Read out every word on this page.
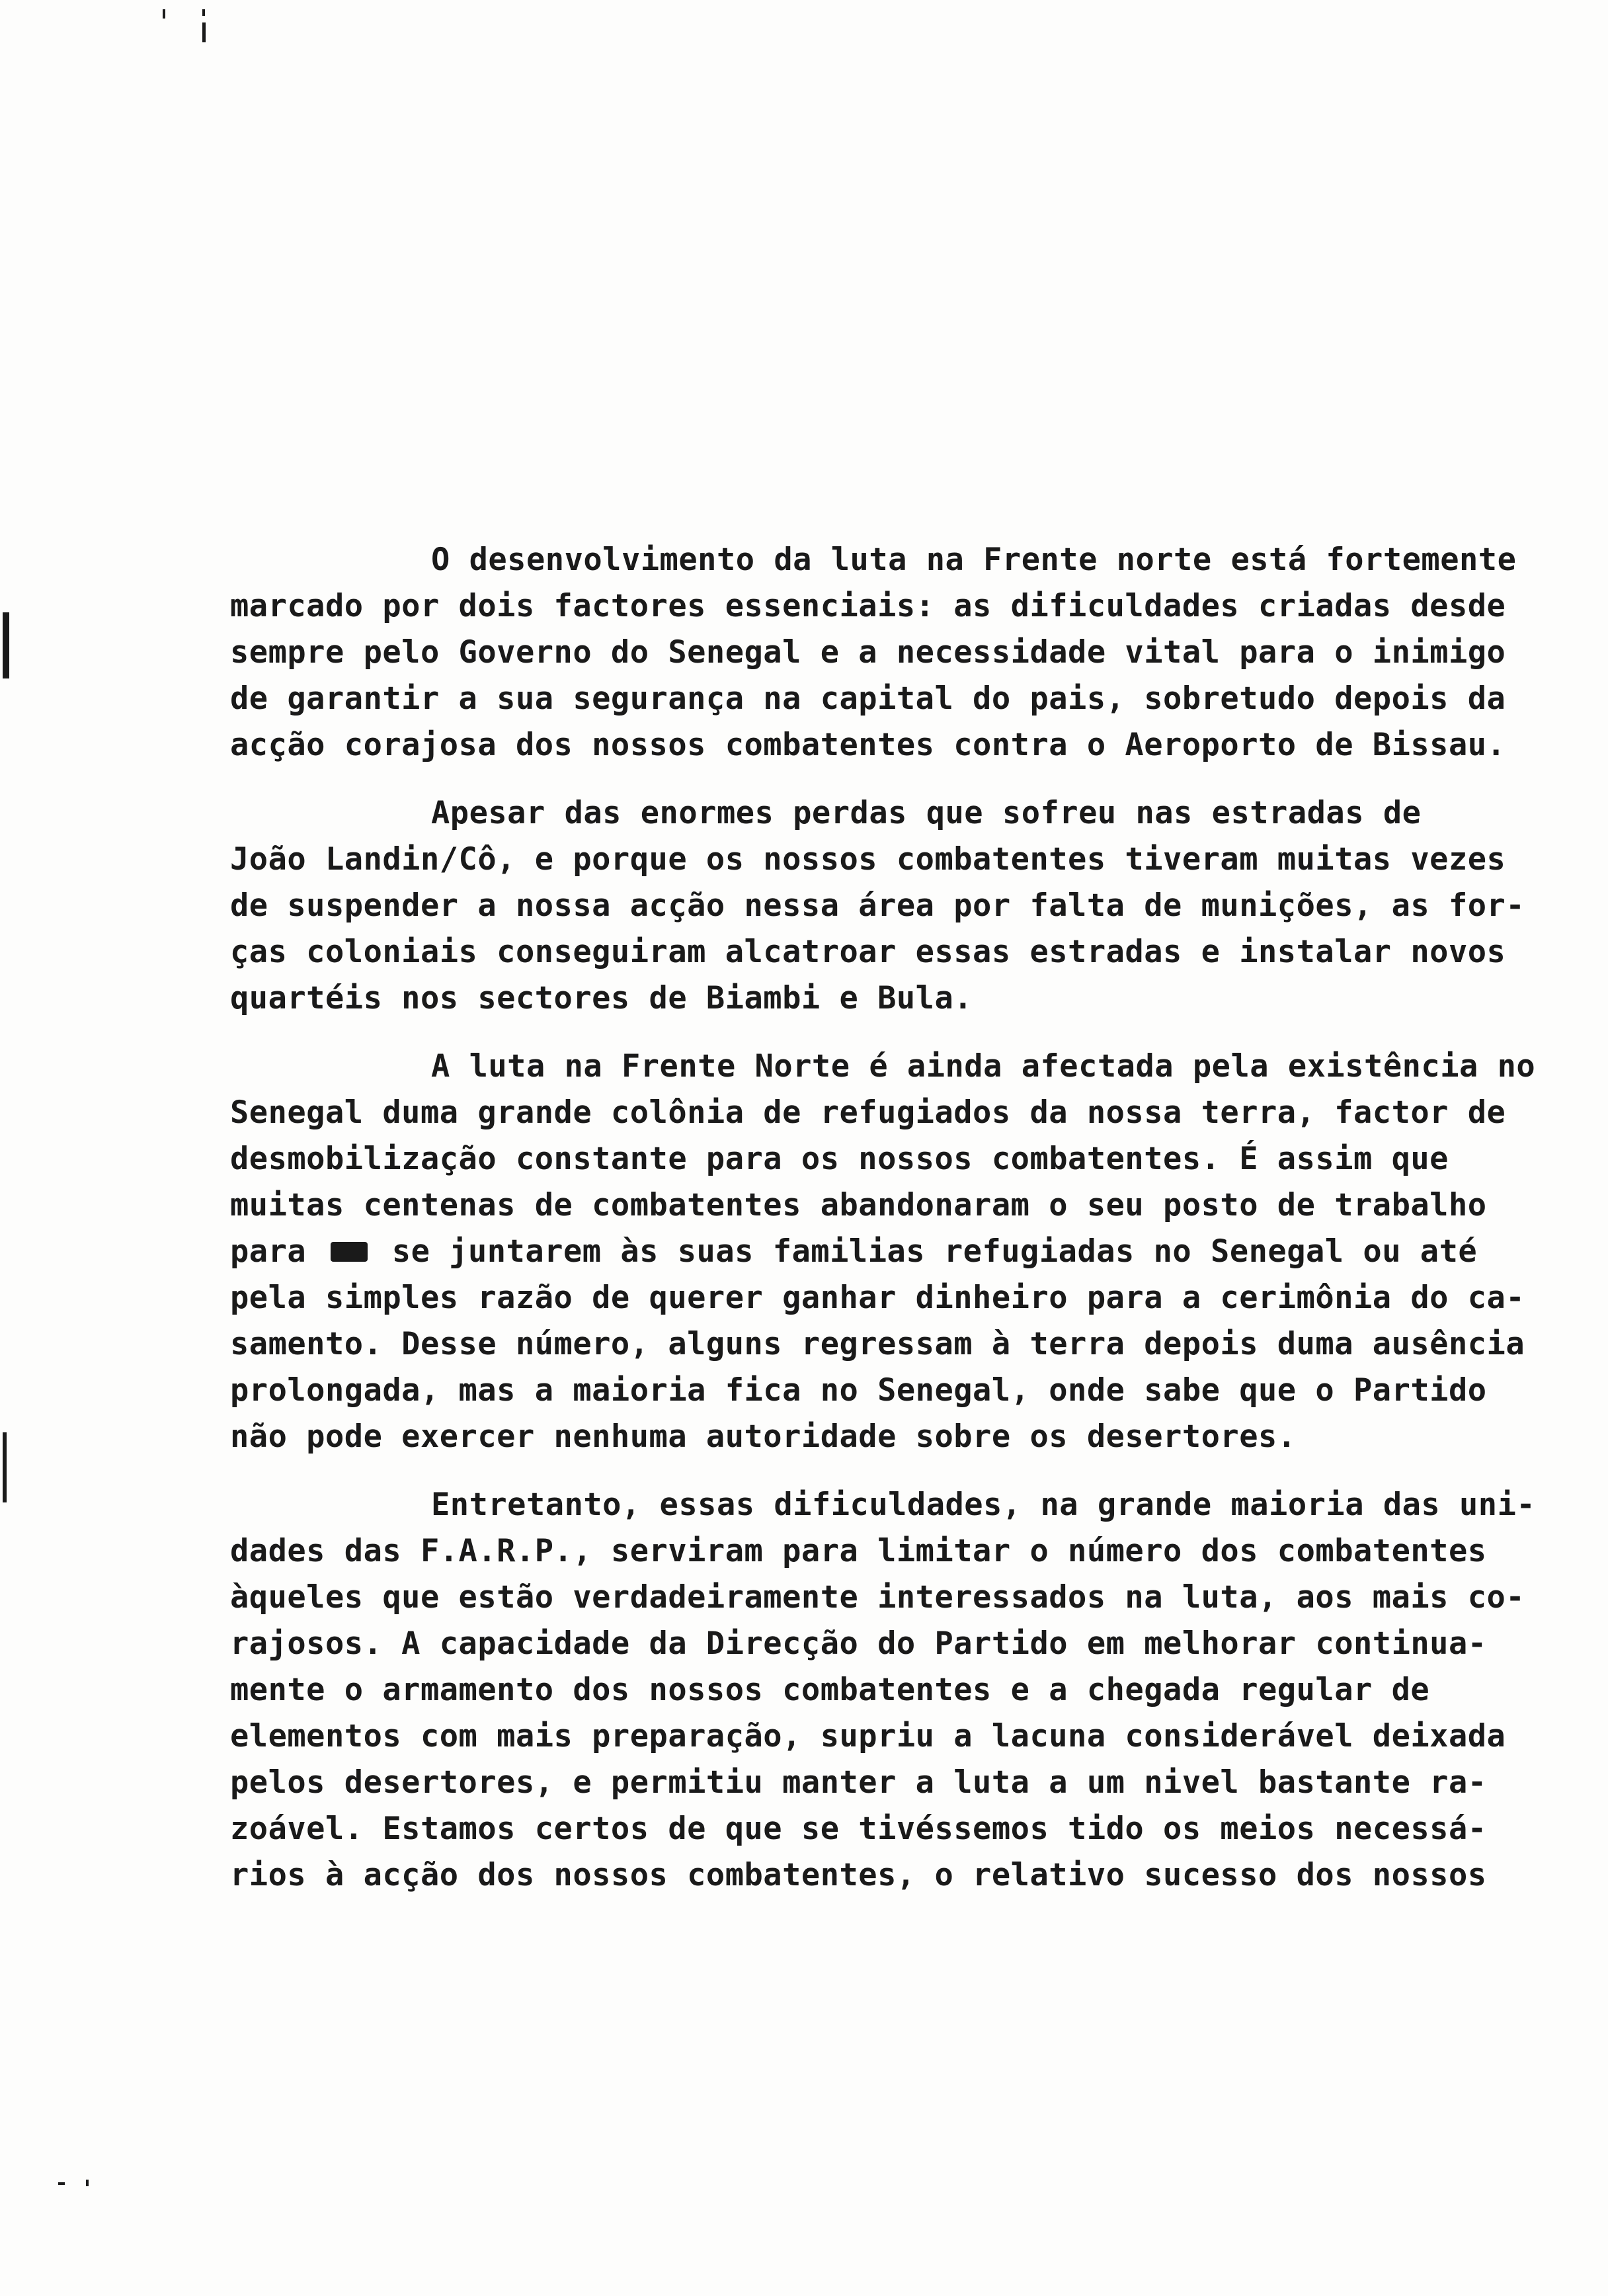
O desenvolvimento da luta na Frente norte está fortemente
marcado por dois factores essenciais: as dificuldades criadas desde
sempre pelo Governo do Senegal e a necessidade vital para o inimigo
de garantir a sua segurança na capital do pais, sobretudo depois da
acção corajosa dos nossos combatentes contra o Aeroporto de Bissau.
Apesar das enormes perdas que sofreu nas estradas de
João Landin/Cô, e porque os nossos combatentes tiveram muitas vezes
de suspender a nossa acção nessa área por falta de munições, as for-
ças coloniais conseguiram alcatroar essas estradas e instalar novos
quartéis nos sectores de Biambi e Bula.
A luta na Frente Norte é ainda afectada pela existência no
Senegal duma grande colônia de refugiados da nossa terra, factor de
desmobilização constante para os nossos combatentes. É assim que
muitas centenas de combatentes abandonaram o seu posto de trabalho
para	se juntarem às suas familias refugiadas no Senegal ou até
pela simples razão de querer ganhar dinheiro para a cerimônia do ca-
samento. Desse número, alguns regressam à terra depois duma ausência
prolongada, mas a maioria fica no Senegal, onde sabe que o Partido
não pode exercer nenhuma autoridade sobre os desertores.
Entretanto, essas dificuldades, na grande maioria das uni-
dades das F.A.R.P., serviram para limitar o número dos combatentes
àqueles que estão verdadeiramente interessados na luta, aos mais co-
rajosos. A capacidade da Direcção do Partido em melhorar continua-
mente o armamento dos nossos combatentes e a chegada regular de
elementos com mais preparação, supriu a lacuna considerável deixada
pelos desertores, e permitiu manter a luta a um nivel bastante ra-
zoável. Estamos certos de que se tivéssemos tido os meios necessá-
rios à acção dos nossos combatentes, o relativo sucesso dos nossos
